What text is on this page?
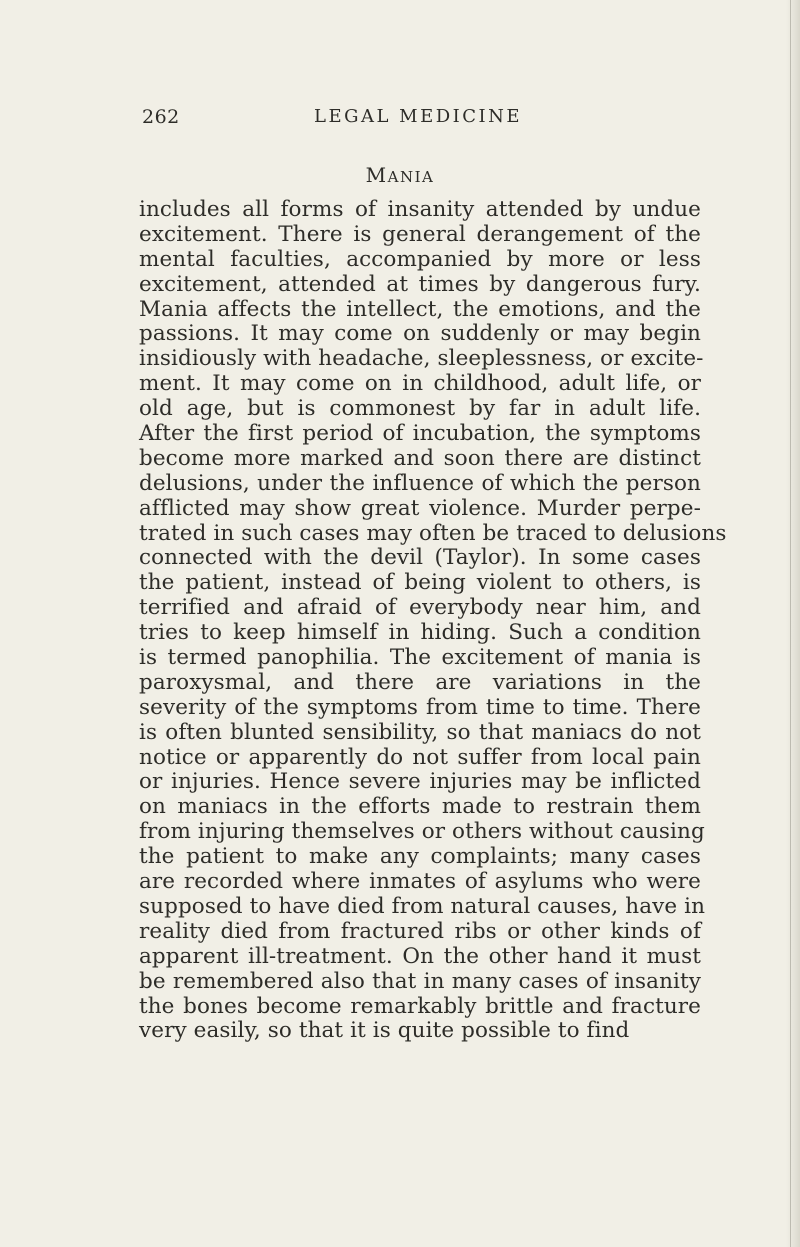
262	LEGAL MEDICINE
MANIA
includes all forms of insanity attended by undue
excitement. There is general derangement of the
mental faculties, accompanied by more or less
excitement, attended at times by dangerous fury.
Mania affects the intellect, the emotions, and the
passions. It may come on suddenly or may begin
insidiously with headache, sleeplessness, or excite-
ment. It may come on in childhood, adult life, or
old age, but is commonest by far in adult life.
After the first period of incubation, the symptoms
become more marked and soon there are distinct
delusions, under the influence of which the person
afflicted may show great violence. Murder perpe-
trated in such cases may often be traced to delusions
connected with the devil (Taylor). In some cases
the patient, instead of being violent to others, is
terrified and afraid of everybody near him, and
tries to keep himself in hiding. Such a condition
is termed panophilia. The excitement of mania is
paroxysmal, and there are variations in the
severity of the symptoms from time to time. There
is often blunted sensibility, so that maniacs do not
notice or apparently do not suffer from local pain
or injuries. Hence severe injuries may be inflicted
on maniacs in the efforts made to restrain them
from injuring themselves or others without causing
the patient to make any complaints; many cases
are recorded where inmates of asylums who were
supposed to have died from natural causes, have in
reality died from fractured ribs or other kinds of
apparent ill-treatment. On the other hand it must
be remembered also that in many cases of insanity
the bones become remarkably brittle and fracture
very easily, so that it is quite possible to find
